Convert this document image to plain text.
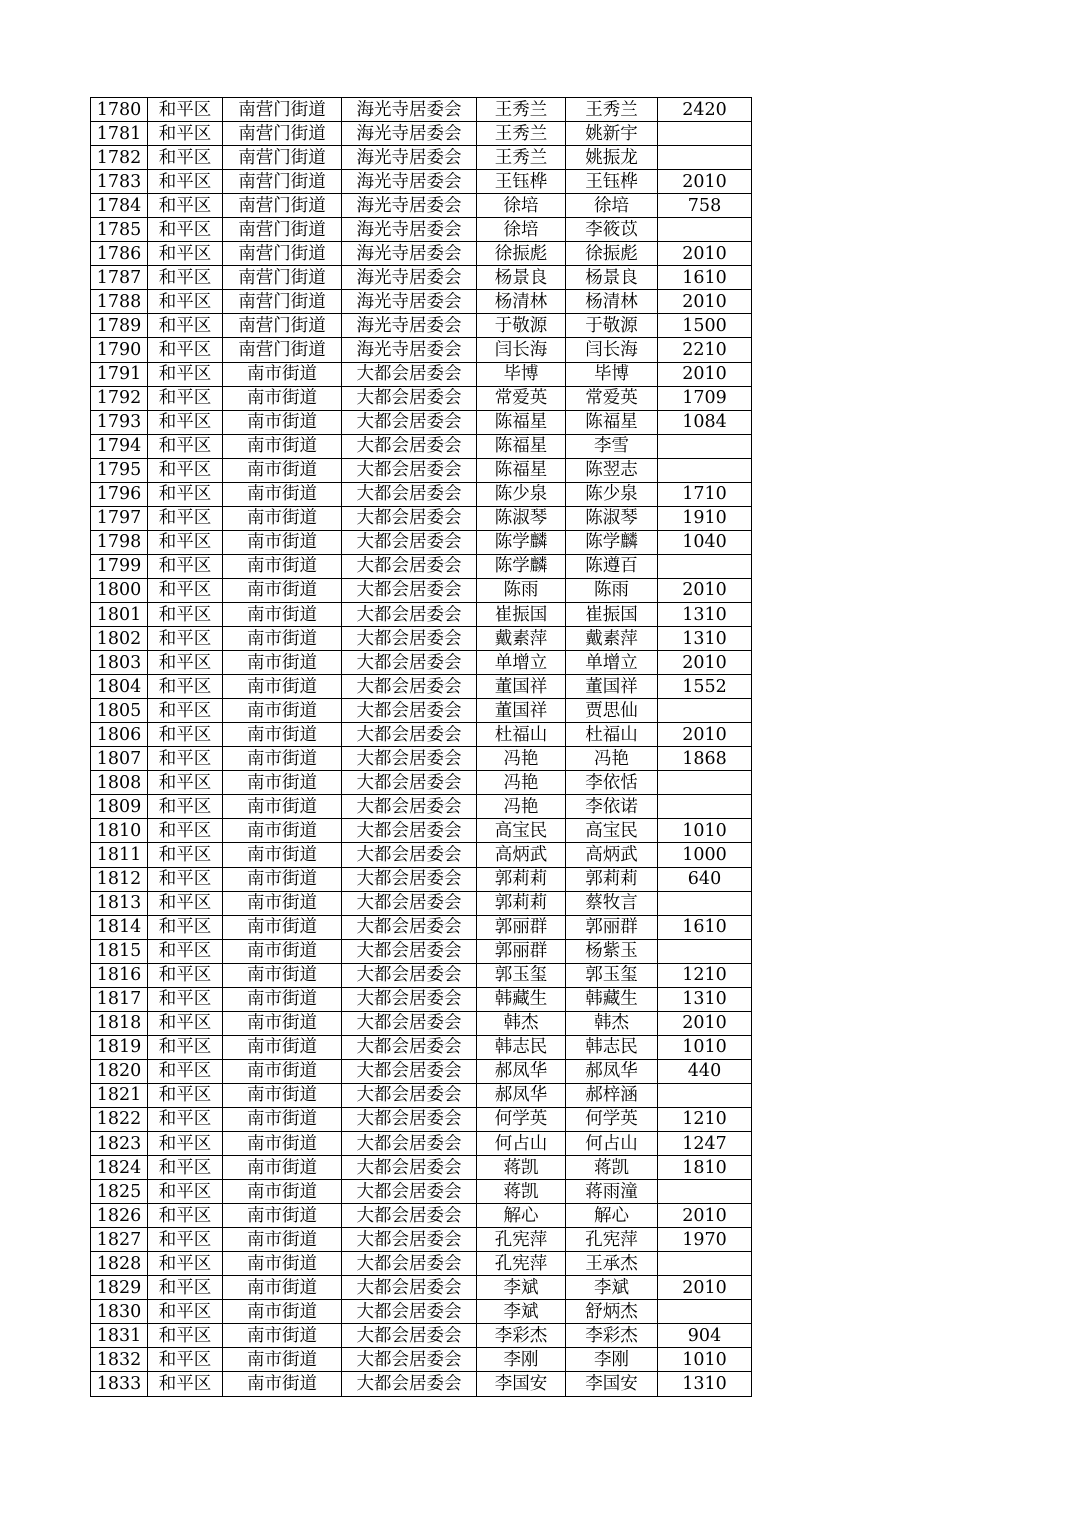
1780	和平区	南营门街道	海光寺居委会	王秀兰	王秀兰	2420
1781	和平区	南营门街道	海光寺居委会	王秀兰	姚新宇	
1782	和平区	南营门街道	海光寺居委会	王秀兰	姚振龙	
1783	和平区	南营门街道	海光寺居委会	王钰桦	王钰桦	2010
1784	和平区	南营门街道	海光寺居委会	徐培	徐培	758
1785	和平区	南营门街道	海光寺居委会	徐培	李筱苡	
1786	和平区	南营门街道	海光寺居委会	徐振彪	徐振彪	2010
1787	和平区	南营门街道	海光寺居委会	杨景良	杨景良	1610
1788	和平区	南营门街道	海光寺居委会	杨清林	杨清林	2010
1789	和平区	南营门街道	海光寺居委会	于敬源	于敬源	1500
1790	和平区	南营门街道	海光寺居委会	闫长海	闫长海	2210
1791	和平区	南市街道	大都会居委会	毕博	毕博	2010
1792	和平区	南市街道	大都会居委会	常爱英	常爱英	1709
1793	和平区	南市街道	大都会居委会	陈福星	陈福星	1084
1794	和平区	南市街道	大都会居委会	陈福星	李雪	
1795	和平区	南市街道	大都会居委会	陈福星	陈翌志	
1796	和平区	南市街道	大都会居委会	陈少泉	陈少泉	1710
1797	和平区	南市街道	大都会居委会	陈淑琴	陈淑琴	1910
1798	和平区	南市街道	大都会居委会	陈学麟	陈学麟	1040
1799	和平区	南市街道	大都会居委会	陈学麟	陈遵百	
1800	和平区	南市街道	大都会居委会	陈雨	陈雨	2010
1801	和平区	南市街道	大都会居委会	崔振国	崔振国	1310
1802	和平区	南市街道	大都会居委会	戴素萍	戴素萍	1310
1803	和平区	南市街道	大都会居委会	单增立	单增立	2010
1804	和平区	南市街道	大都会居委会	董国祥	董国祥	1552
1805	和平区	南市街道	大都会居委会	董国祥	贾思仙	
1806	和平区	南市街道	大都会居委会	杜福山	杜福山	2010
1807	和平区	南市街道	大都会居委会	冯艳	冯艳	1868
1808	和平区	南市街道	大都会居委会	冯艳	李依恬	
1809	和平区	南市街道	大都会居委会	冯艳	李依诺	
1810	和平区	南市街道	大都会居委会	高宝民	高宝民	1010
1811	和平区	南市街道	大都会居委会	高炳武	高炳武	1000
1812	和平区	南市街道	大都会居委会	郭莉莉	郭莉莉	640
1813	和平区	南市街道	大都会居委会	郭莉莉	蔡牧言	
1814	和平区	南市街道	大都会居委会	郭丽群	郭丽群	1610
1815	和平区	南市街道	大都会居委会	郭丽群	杨紫玉	
1816	和平区	南市街道	大都会居委会	郭玉玺	郭玉玺	1210
1817	和平区	南市街道	大都会居委会	韩藏生	韩藏生	1310
1818	和平区	南市街道	大都会居委会	韩杰	韩杰	2010
1819	和平区	南市街道	大都会居委会	韩志民	韩志民	1010
1820	和平区	南市街道	大都会居委会	郝凤华	郝凤华	440
1821	和平区	南市街道	大都会居委会	郝凤华	郝梓涵	
1822	和平区	南市街道	大都会居委会	何学英	何学英	1210
1823	和平区	南市街道	大都会居委会	何占山	何占山	1247
1824	和平区	南市街道	大都会居委会	蒋凯	蒋凯	1810
1825	和平区	南市街道	大都会居委会	蒋凯	蒋雨潼	
1826	和平区	南市街道	大都会居委会	解心	解心	2010
1827	和平区	南市街道	大都会居委会	孔宪萍	孔宪萍	1970
1828	和平区	南市街道	大都会居委会	孔宪萍	王承杰	
1829	和平区	南市街道	大都会居委会	李斌	李斌	2010
1830	和平区	南市街道	大都会居委会	李斌	舒炳杰	
1831	和平区	南市街道	大都会居委会	李彩杰	李彩杰	904
1832	和平区	南市街道	大都会居委会	李刚	李刚	1010
1833	和平区	南市街道	大都会居委会	李国安	李国安	1310
